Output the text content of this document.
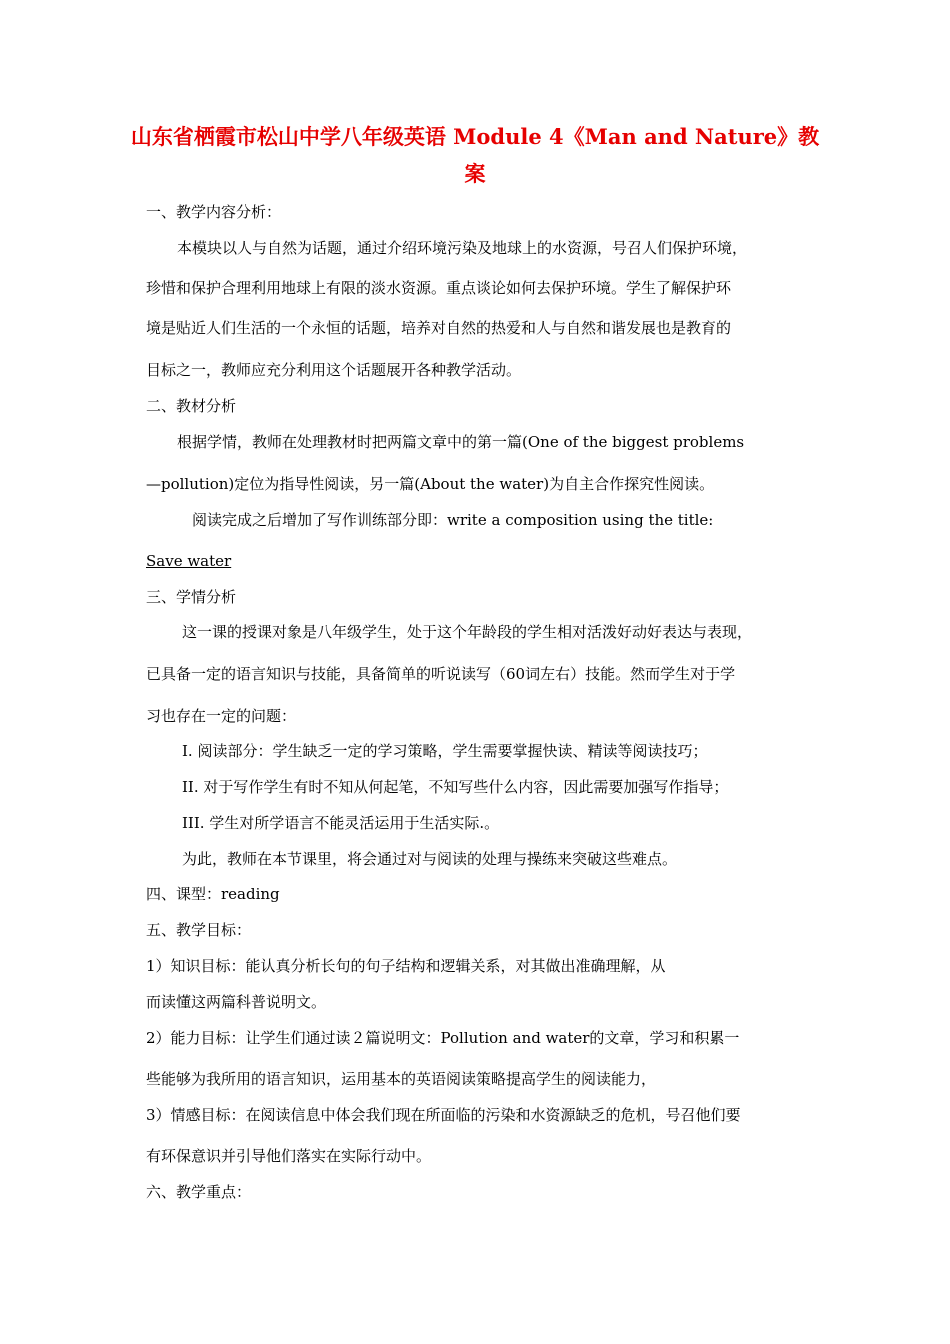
山东省栖霞市松山中学八年级英语 Module 4《Man and Nature》教案

一、教学内容分析：

本模块以人与自然为话题，通过介绍环境污染及地球上的水资源，号召人们保护环境，

珍惜和保护合理利用地球上有限的淡水资源。重点谈论如何去保护环境。学生了解保护环

境是贴近人们生活的一个永恒的话题，培养对自然的热爱和人与自然和谐发展也是教育的

目标之一，教师应充分利用这个话题展开各种教学活动。

二、教材分析

根据学情，教师在处理教材时把两篇文章中的第一篇(One of the biggest problems

—pollution)定位为指导性阅读，另一篇(About the water)为自主合作探究性阅读。

阅读完成之后增加了写作训练部分即：write a composition using the title:

Save water

三、学情分析

这一课的授课对象是八年级学生，处于这个年龄段的学生相对活泼好动好表达与表现，

已具备一定的语言知识与技能，具备简单的听说读写（60词左右）技能。然而学生对于学

习也存在一定的问题：

I. 阅读部分：学生缺乏一定的学习策略，学生需要掌握快读、精读等阅读技巧；

II. 对于写作学生有时不知从何起笔，不知写些什么内容，因此需要加强写作指导；

III. 学生对所学语言不能灵活运用于生活实际.。

为此，教师在本节课里，将会通过对与阅读的处理与操练来突破这些难点。

四、课型：reading

五、教学目标：

1）知识目标：能认真分析长句的句子结构和逻辑关系，对其做出准确理解，从

而读懂这两篇科普说明文。

2）能力目标：让学生们通过读２篇说明文：Pollution and water的文章，学习和积累一

些能够为我所用的语言知识，运用基本的英语阅读策略提高学生的阅读能力，

3）情感目标：在阅读信息中体会我们现在所面临的污染和水资源缺乏的危机，号召他们要

有环保意识并引导他们落实在实际行动中。

六、教学重点：
